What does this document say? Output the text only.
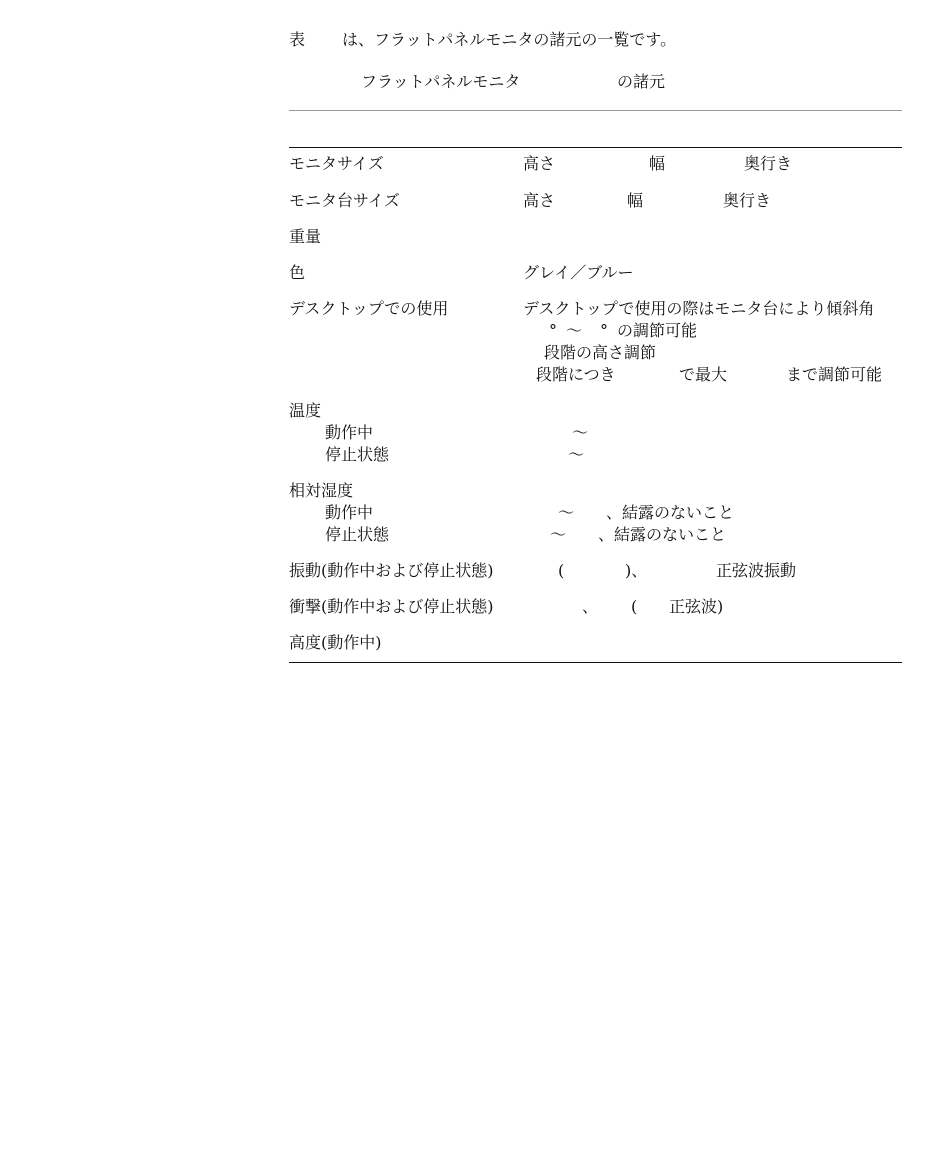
表 は、フラットパネルモニタの諸元の一覧です。
フラットパネルモニタ	の諸元
モニタサイズ	高さ	幅	奥行き
モニタ台サイズ	高さ	幅	奥行き
重量
色	グレイ／ブルー
デスクトップでの使用	デスクトップで使用の際はモニタ台により傾斜角
° 〜 ° の調節可能
段階の高さ調節
段階につき	で最大	まで調節可能
温度
動作中	〜
停止状態	〜
相対湿度
動作中	〜 、結露のないこと
停止状態	〜 、結露のないこと
振動(動作中および停止状態)	(	)、	正弦波振動
衝撃(動作中および停止状態)	、 ( 正弦波)
高度(動作中)
